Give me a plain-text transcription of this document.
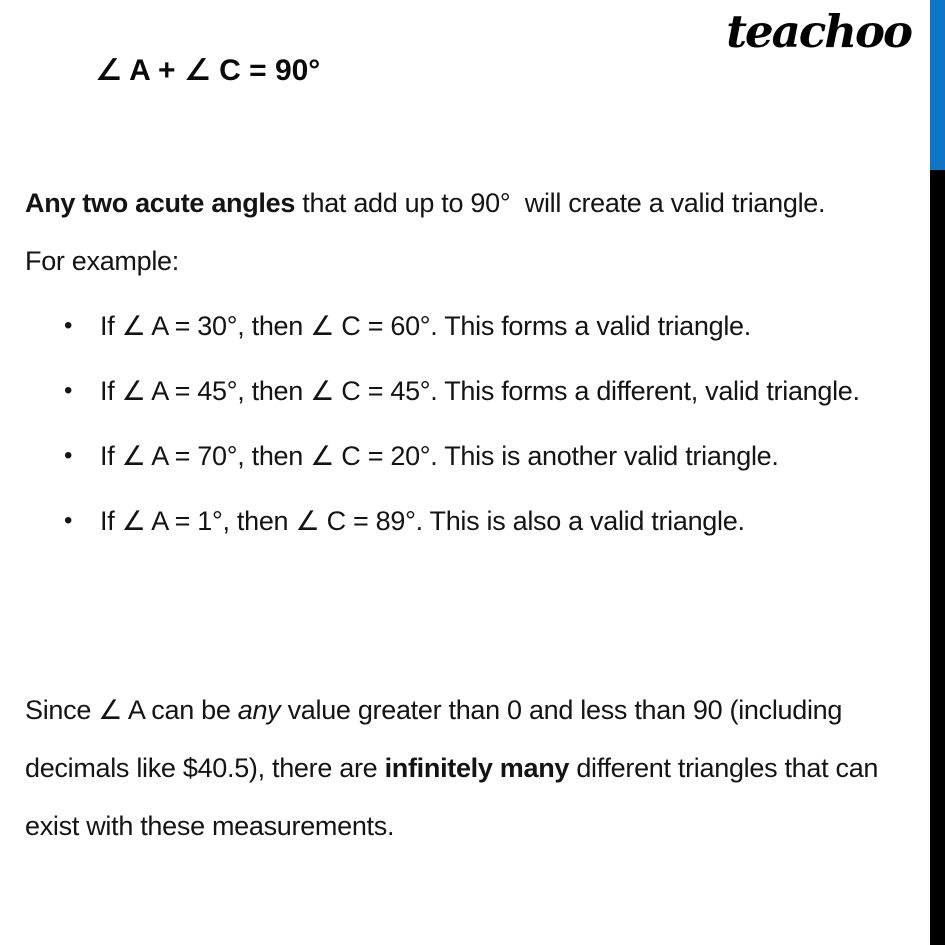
teachoo
∠ A + ∠ C = 90°
Any two acute angles that add up to 90°  will create a valid triangle.
For example:
• If ∠ A = 30°, then ∠ C = 60°. This forms a valid triangle.
• If ∠ A = 45°, then ∠ C = 45°. This forms a different, valid triangle.
• If ∠ A = 70°, then ∠ C = 20°. This is another valid triangle.
• If ∠ A = 1°, then ∠ C = 89°. This is also a valid triangle.
Since ∠ A can be any value greater than 0 and less than 90 (including decimals like $40.5), there are infinitely many different triangles that can exist with these measurements.
